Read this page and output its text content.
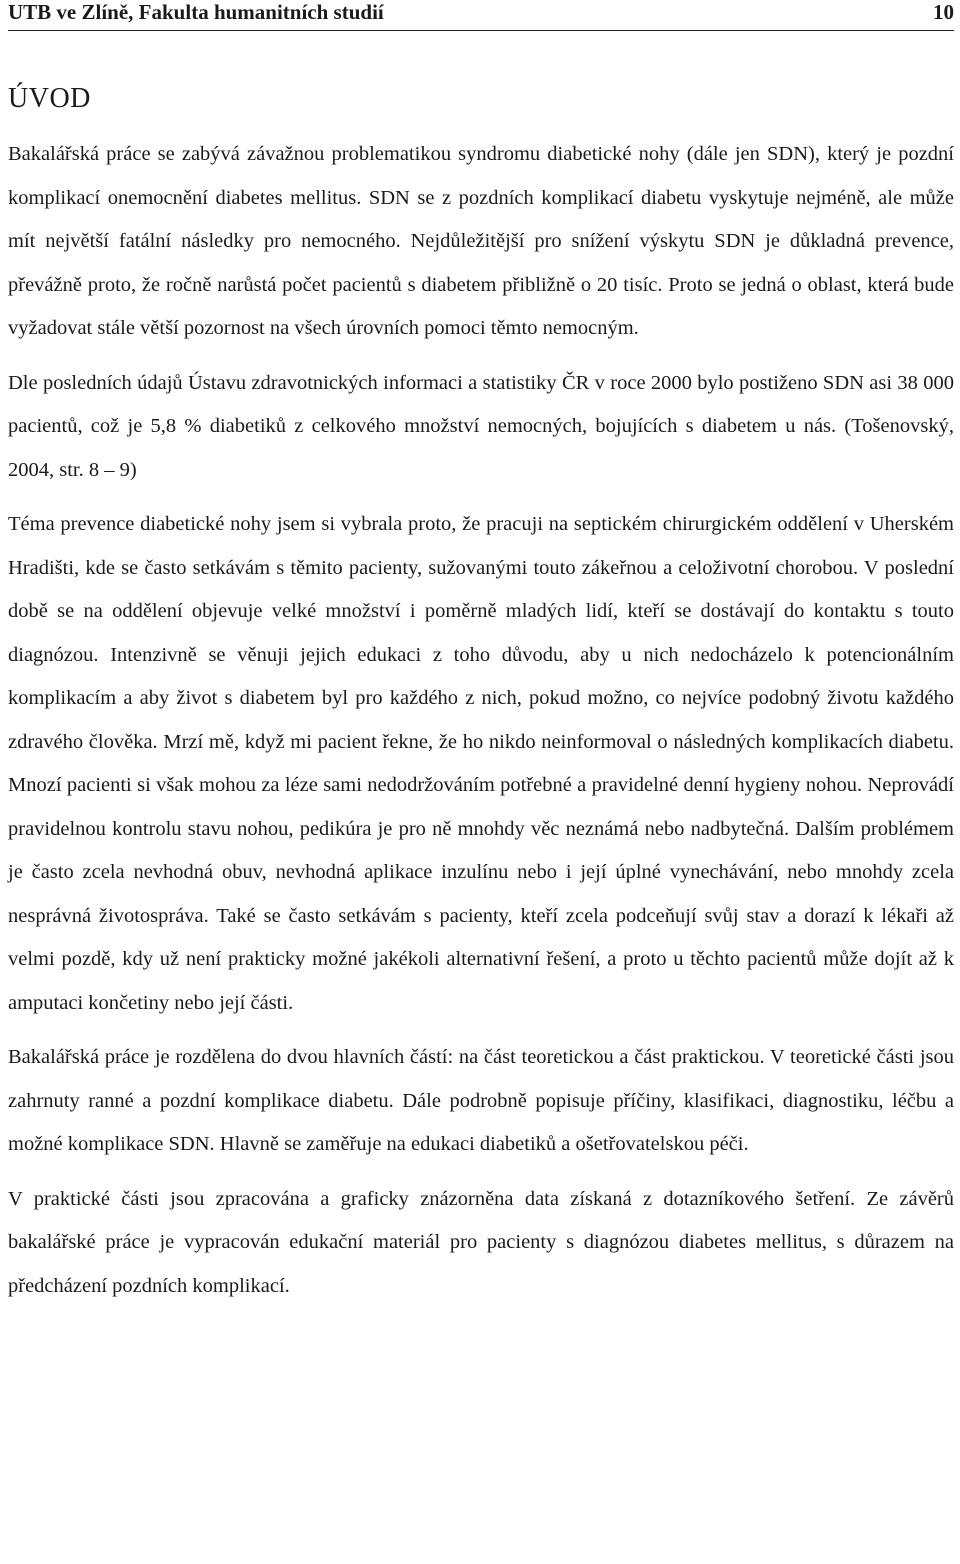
UTB ve Zlíně, Fakulta humanitních studií	10
ÚVOD

Bakalářská práce se zabývá závažnou problematikou syndromu diabetické nohy (dále jen SDN), který je pozdní komplikací onemocnění diabetes mellitus. SDN se z pozdních komplikací diabetu vyskytuje nejméně, ale může mít největší fatální následky pro nemocného. Nejdůležitější pro snížení výskytu SDN je důkladná prevence, převážně proto, že ročně narůstá počet pacientů s diabetem přibližně o 20 tisíc. Proto se jedná o oblast, která bude vyžadovat stále větší pozornost na všech úrovních pomoci těmto nemocným.

Dle posledních údajů Ústavu zdravotnických informaci a statistiky ČR v roce 2000 bylo postiženo SDN asi 38 000 pacientů, což je 5,8 % diabetiků z celkového množství nemocných, bojujících s diabetem u nás. (Tošenovský, 2004, str. 8 – 9)

Téma prevence diabetické nohy jsem si vybrala proto, že pracuji na septickém chirurgickém oddělení v Uherském Hradišti, kde se často setkávám s těmito pacienty, sužovanými touto zákeřnou a celoživotní chorobou. V poslední době se na oddělení objevuje velké množství i poměrně mladých lidí, kteří se dostávají do kontaktu s touto diagnózou. Intenzivně se věnuji jejich edukaci z toho důvodu, aby u nich nedocházelo k potencionálním komplikacím a aby život s diabetem byl pro každého z nich, pokud možno, co nejvíce podobný životu každého zdravého člověka. Mrzí mě, když mi pacient řekne, že ho nikdo neinformoval o následných komplikacích diabetu. Mnozí pacienti si však mohou za léze sami nedodržováním potřebné a pravidelné denní hygieny nohou. Neprovádí pravidelnou kontrolu stavu nohou, pedikúra je pro ně mnohdy věc neznámá nebo nadbytečná. Dalším problémem je často zcela nevhodná obuv, nevhodná aplikace inzulínu nebo i její úplné vynechávání, nebo mnohdy zcela nesprávná životospráva. Také se často setkávám s pacienty, kteří zcela podceňují svůj stav a dorazí k lékaři až velmi pozdě, kdy už není prakticky možné jakékoli alternativní řešení, a proto u těchto pacientů může dojít až k amputaci končetiny nebo její části.

Bakalářská práce je rozdělena do dvou hlavních částí: na část teoretickou a část praktickou. V teoretické části jsou zahrnuty ranné a pozdní komplikace diabetu. Dále podrobně popisuje příčiny, klasifikaci, diagnostiku, léčbu a možné komplikace SDN. Hlavně se zaměřuje na edukaci diabetiků a ošetřovatelskou péči.

V praktické části jsou zpracována a graficky znázorněna data získaná z dotazníkového šetření. Ze závěrů bakalářské práce je vypracován edukační materiál pro pacienty s diagnózou diabetes mellitus, s důrazem na předcházení pozdních komplikací.
